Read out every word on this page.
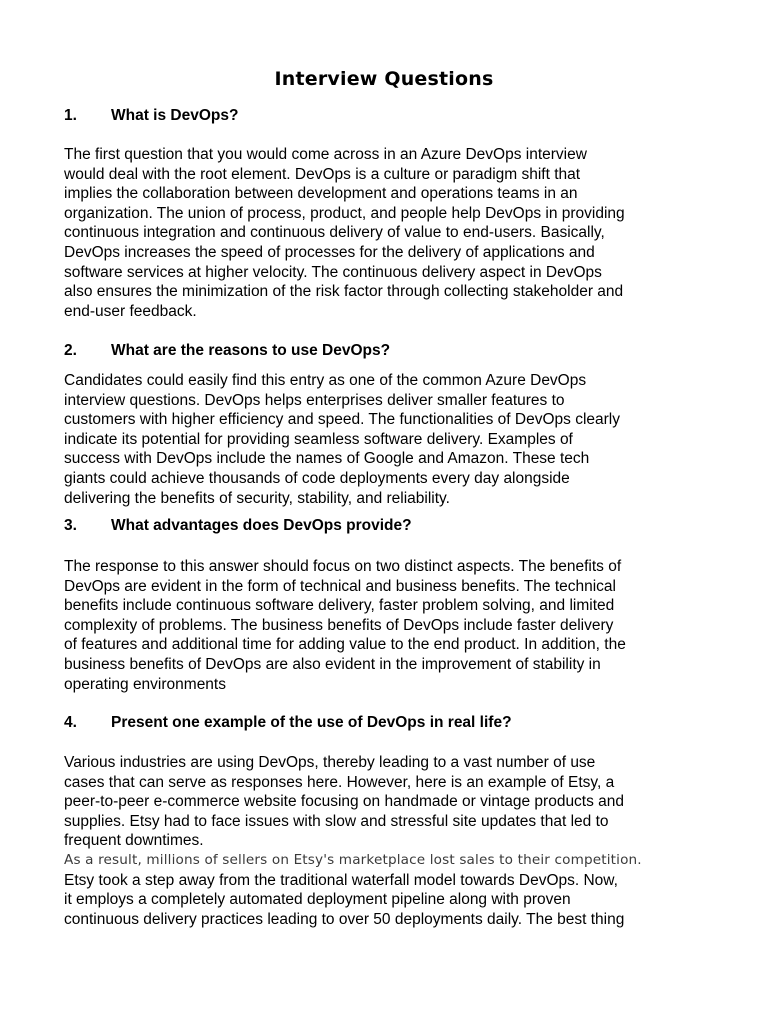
Interview Questions
1. What is DevOps?
The first question that you would come across in an Azure DevOps interview
would deal with the root element. DevOps is a culture or paradigm shift that
implies the collaboration between development and operations teams in an
organization. The union of process, product, and people help DevOps in providing
continuous integration and continuous delivery of value to end-users. Basically,
DevOps increases the speed of processes for the delivery of applications and
software services at higher velocity. The continuous delivery aspect in DevOps
also ensures the minimization of the risk factor through collecting stakeholder and
end-user feedback.
2. What are the reasons to use DevOps?
Candidates could easily find this entry as one of the common Azure DevOps
interview questions. DevOps helps enterprises deliver smaller features to
customers with higher efficiency and speed. The functionalities of DevOps clearly
indicate its potential for providing seamless software delivery. Examples of
success with DevOps include the names of Google and Amazon. These tech
giants could achieve thousands of code deployments every day alongside
delivering the benefits of security, stability, and reliability.
3. What advantages does DevOps provide?
The response to this answer should focus on two distinct aspects. The benefits of
DevOps are evident in the form of technical and business benefits. The technical
benefits include continuous software delivery, faster problem solving, and limited
complexity of problems. The business benefits of DevOps include faster delivery
of features and additional time for adding value to the end product. In addition, the
business benefits of DevOps are also evident in the improvement of stability in
operating environments
4. Present one example of the use of DevOps in real life?
Various industries are using DevOps, thereby leading to a vast number of use
cases that can serve as responses here. However, here is an example of Etsy, a
peer-to-peer e-commerce website focusing on handmade or vintage products and
supplies. Etsy had to face issues with slow and stressful site updates that led to
frequent downtimes.
As a result, millions of sellers on Etsy's marketplace lost sales to their competition.
Etsy took a step away from the traditional waterfall model towards DevOps. Now,
it employs a completely automated deployment pipeline along with proven
continuous delivery practices leading to over 50 deployments daily. The best thing
